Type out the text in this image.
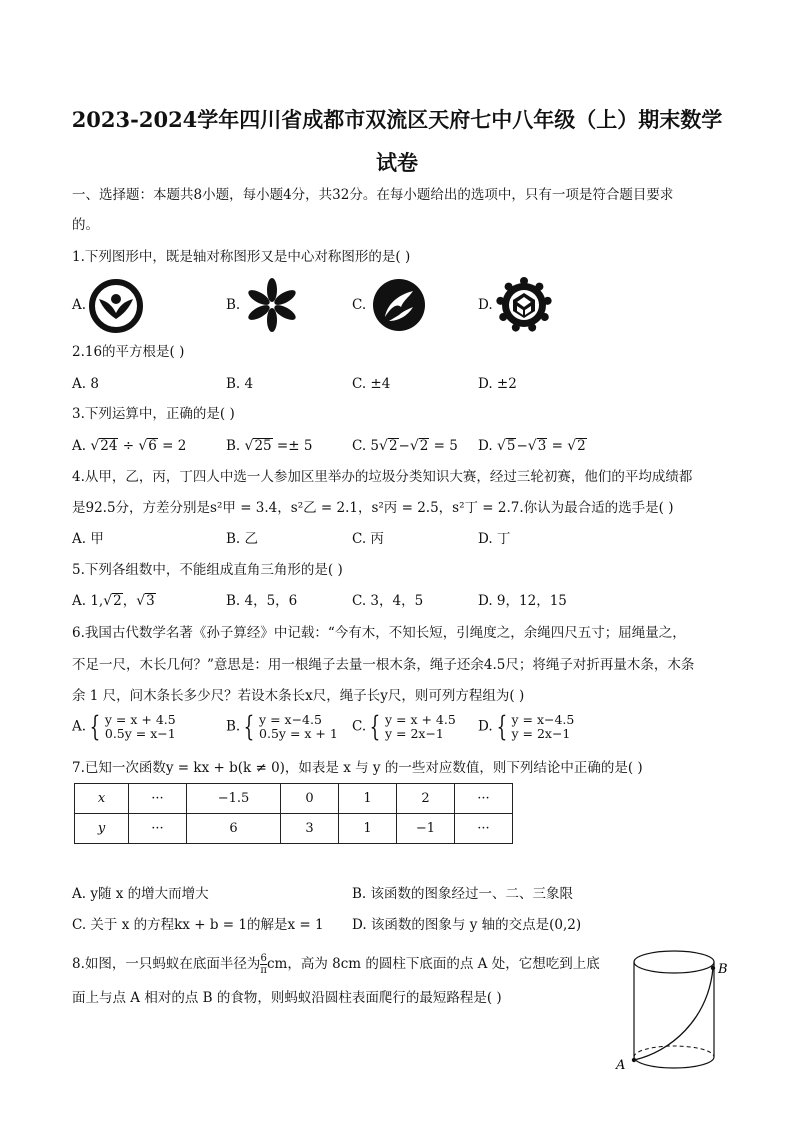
2023-2024学年四川省成都市双流区天府七中八年级（上）期末数学
试卷
一、选择题：本题共8小题，每小题4分，共32分。在每小题给出的选项中，只有一项是符合题目要求
的。
1.下列图形中，既是轴对称图形又是中心对称图形的是( )
A.	B.	C.	D.
2.16的平方根是( )
A. 8	B. 4	C. ±4	D. ±2
3.下列运算中，正确的是( )
A. √24 ÷ √6 = 2	B. √25 =± 5	C. 5√2−√2 = 5 D. √5−√3 = √2
4.从甲，乙，丙，丁四人中选一人参加区里举办的垃圾分类知识大赛，经过三轮初赛，他们的平均成绩都
是92.5分，方差分别是s²甲 = 3.4，s²乙 = 2.1，s²丙 = 2.5，s²丁 = 2.7.你认为最合适的选手是( )
A. 甲	B. 乙	C. 丙	D. 丁
5.下列各组数中，不能组成直角三角形的是( )
A. 1,√2，√3	B. 4，5，6	C. 3，4，5	D. 9，12，15
6.我国古代数学名著《孙子算经》中记载：“今有木，不知长短，引绳度之，余绳四尺五寸；屈绳量之，
不足一尺，木长几何？”意思是：用一根绳子去量一根木条，绳子还余4.5尺；将绳子对折再量木条，木条
余 1 尺，问木条长多少尺？若设木条长x尺，绳子长y尺，则可列方程组为( )
A. { y = x + 4.5
0.5y = x−1	B. { y = x−4.5
0.5y = x + 1 C. { y = x + 4.5
y = 2x−1	D. { y = x−4.5
y = 2x−1
7.已知一次函数y = kx + b(k ≠ 0)，如表是 x 与 y 的一些对应数值，则下列结论中正确的是( )
x	···	−1.5	0	1	2	···
y	···	6	3	1	−1	···
A. y随 x 的增大而增大	B. 该函数的图象经过一、二、三象限
C. 关于 x 的方程kx + b = 1的解是x = 1 D. 该函数的图象与 y 轴的交点是(0,2)
8.如图，一只蚂蚁在底面半径为 $\frac{6}{\pi}$ cm，高为 8cm 的圆柱下底面的点 A 处，它想吃到上底
面上与点 A 相对的点 B 的食物，则蚂蚁沿圆柱表面爬行的最短路程是( )
A
B
